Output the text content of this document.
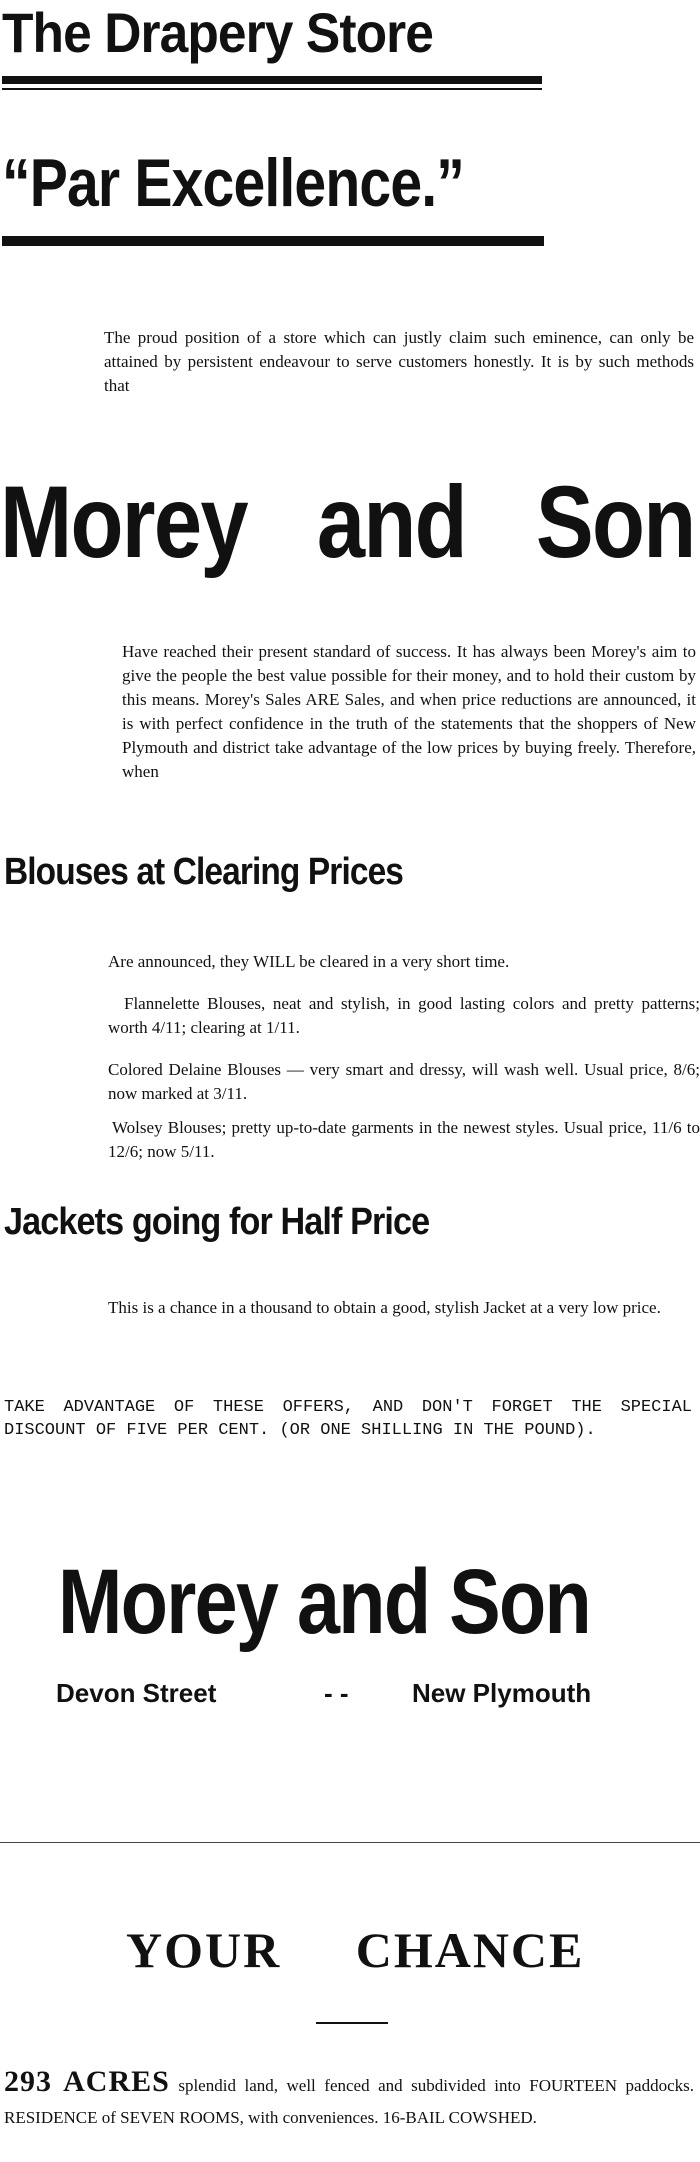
The Drapery Store
“Par Excellence.”

The proud position of a store which can justly claim such eminence, can only be attained by persistent endeavour to serve customers honestly. It is by such methods that

Morey and Son

Have reached their present standard of success. It has always been Morey's aim to give the people the best value possible for their money, and to hold their custom by this means. Morey's Sales ARE Sales, and when price reductions are announced, it is with perfect confidence in the truth of the statements that the shoppers of New Plymouth and district take advantage of the low prices by buying freely. Therefore, when

Blouses at Clearing Prices

Are announced, they WILL be cleared in a very short time.

Flannelette Blouses, neat and stylish, in good lasting colors and pretty patterns; worth 4/11; clearing at 1/11.

Colored Delaine Blouses — very smart and dressy, will wash well. Usual price, 8/6; now marked at 3/11.

Wolsey Blouses; pretty up-to-date garments in the newest styles. Usual price, 11/6 to 12/6; now 5/11.

Jackets going for Half Price

This is a chance in a thousand to obtain a good, stylish Jacket at a very low price.

TAKE ADVANTAGE OF THESE OFFERS, AND DON'T FORGET THE SPECIAL DISCOUNT OF FIVE PER CENT. (OR ONE SHILLING IN THE POUND).
Morey and Son
Devon Street	- - New Plymouth
YOUR CHANCE

293 ACRES splendid land, well fenced and subdivided into FOURTEEN paddocks. RESIDENCE of SEVEN ROOMS, with conveniences. 16-BAIL COWSHED.
